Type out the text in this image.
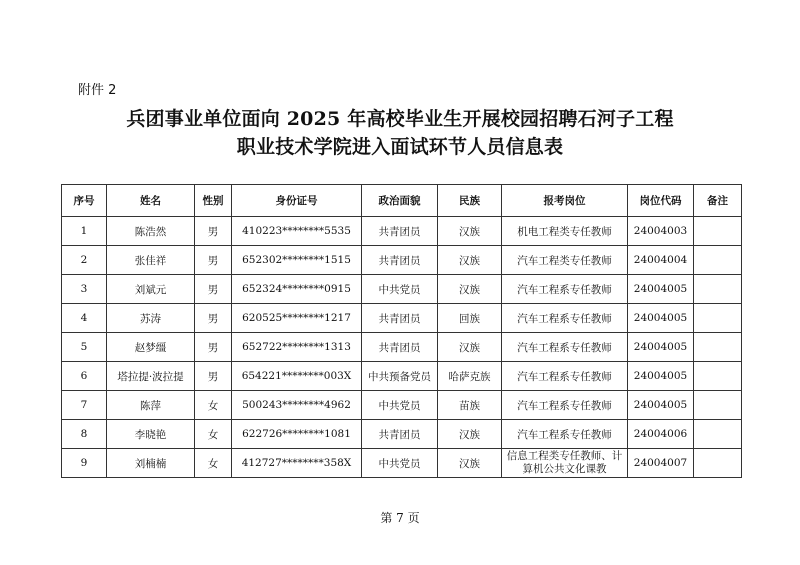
附件 2
兵团事业单位面向 2025 年高校毕业生开展校园招聘石河子工程
职业技术学院进入面试环节人员信息表
序号	姓名	性别	身份证号	政治面貌	民族	报考岗位	岗位代码	备注
1	陈浩然	男	410223********5535	共青团员	汉族	机电工程类专任教师	24004003	
2	张佳祥	男	652302********1515	共青团员	汉族	汽车工程类专任教师	24004004	
3	刘斌元	男	652324********0915	中共党员	汉族	汽车工程系专任教师	24004005	
4	苏涛	男	620525********1217	共青团员	回族	汽车工程系专任教师	24004005	
5	赵梦缰	男	652722********1313	共青团员	汉族	汽车工程系专任教师	24004005	
6	塔拉提·波拉提	男	654221********003X	中共预备党员	哈萨克族	汽车工程系专任教师	24004005	
7	陈萍	女	500243********4962	中共党员	苗族	汽车工程系专任教师	24004005	
8	李晓艳	女	622726********1081	共青团员	汉族	汽车工程系专任教师	24004006	
9	刘楠楠	女	412727********358X	中共党员	汉族	信息工程类专任教师、计算机公共文化课教	24004007	
第 7 页
